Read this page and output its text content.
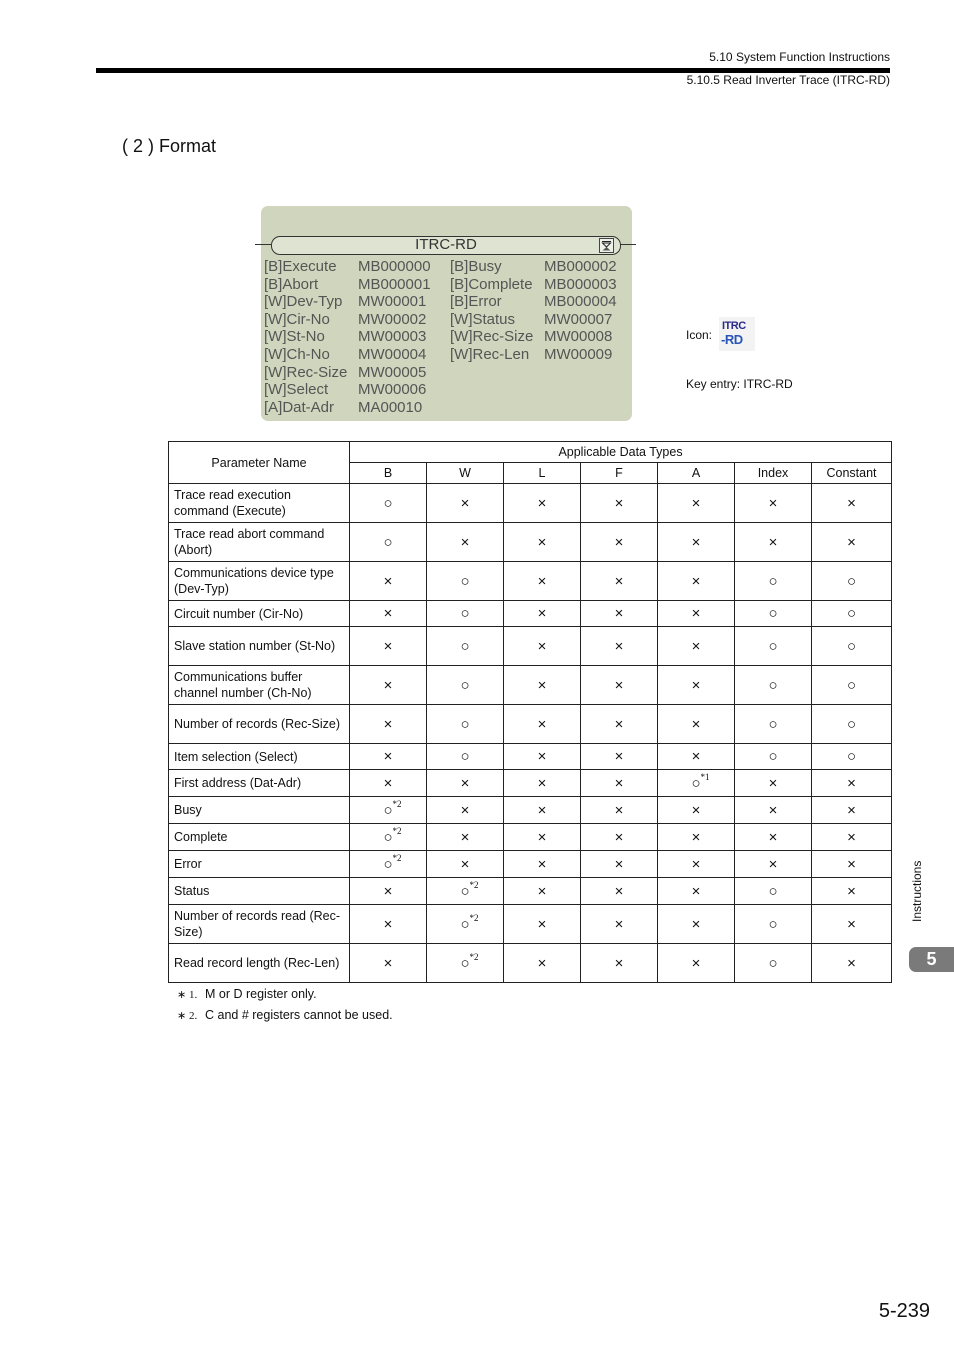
5.10 System Function Instructions
5.10.5 Read Inverter Trace (ITRC-RD)
( 2 ) Format
ITRC-RD
[B]Execute	MB000000	[B]Busy	MB000002
[B]Abort	MB000001	[B]Complete MB000003
[W]Dev-Typ	MW00001	[B]Error	MB000004
[W]Cir-No	MW00002	[W]Status	MW00007
[W]St-No	MW00003	[W]Rec-Size MW00008
[W]Ch-No	MW00004	[W]Rec-Len MW00009
[W]Rec-Size MW00005
[W]Select	MW00006
[A]Dat-Adr	MA00010
Icon:
ITRC
-RD
Key entry: ITRC-RD
Parameter Name	Applicable Data Types						
	B	W	L	F	A	Index	Constant
Trace read execution command (Execute)	○	×	×	×	×	×	×
Trace read abort command (Abort)	○	×	×	×	×	×	×
Communications device type (Dev-Typ)	×	○	×	×	×	○	○
Circuit number (Cir-No)	×	○	×	×	×	○	○
Slave station number (St-No)	×	○	×	×	×	○	○
Communications buffer channel number (Ch-No)	×	○	×	×	×	○	○
Number of records (Rec-Size)	×	○	×	×	×	○	○
Item selection (Select)	×	○	×	×	×	○	○
First address (Dat-Adr)	×	×	×	×	○ *1	×	×
Busy	○ *2	×	×	×	×	×	×
Complete	○ *2	×	×	×	×	×	×
Error	○ *2	×	×	×	×	×	×
Status	×	○ *2	×	×	×	○	×
Number of records read (Rec-Size)	×	○ *2	×	×	×	○	×
Read record length (Rec-Len)	×	○ *2	×	×	×	○	×
∗ 1. M or D register only.
∗ 2. C and # registers cannot be used.
Instructions
5
5-239
